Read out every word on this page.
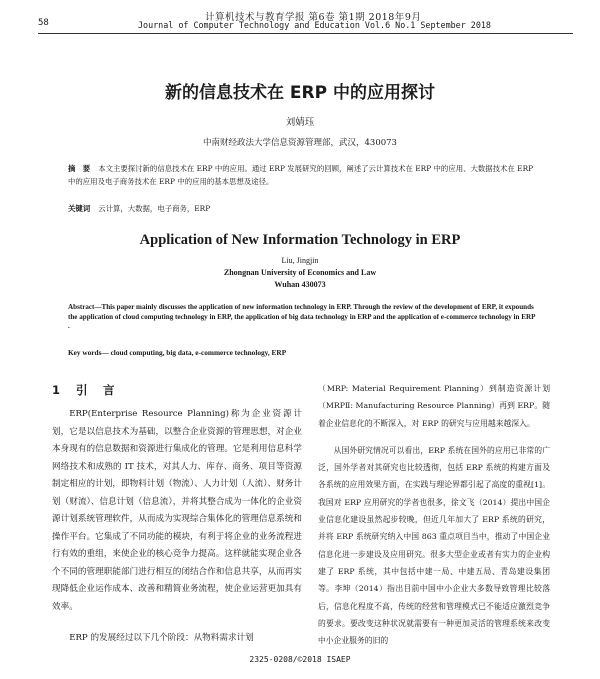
58	计算机技术与教育学报 第6卷 第1期 2018年9月
Journal of Computer Technology and Education Vol.6 No.1 September 2018
新的信息技术在 ERP 中的应用探讨
刘婧珏
中南财经政法大学信息资源管理部，武汉，430073
摘　要 本文主要探讨新的信息技术在 ERP 中的应用。通过 ERP 发展研究的回顾，阐述了云计算技术在 ERP 中的应用、大数据技术在 ERP 中的应用及电子商务技术在 ERP 中的应用的基本思想及途径。
关键词 云计算，大数据，电子商务，ERP
Application of New Information Technology in ERP
Liu, Jingjin
Zhongnan University of Economics and Law
Wuhan 430073
Abstract—This paper mainly discusses the application of new information technology in ERP. Through the review of the development of ERP, it expounds the application of cloud computing technology in ERP, the application of big data technology in ERP and the application of e-commerce technology in ERP .
Key words— cloud computing, big data, e-commerce technology, ERP
1 引　言

ERP(Enterprise Resource Planning)称为企业资源计划，它是以信息技术为基础，以整合企业资源的管理思想，对企业本身现有的信息数据和资源进行集成化的管理。它是利用信息科学网络技术和成熟的 IT 技术，对其人力、库存、商务、项目等资源制定相应的计划，即物料计划（物流）、人力计划（人流）、财务计划（财流）、信息计划（信息流），并将其整合成为一体化的企业资源计划系统管理软件，从而成为实现综合集体化的管理信息系统和操作平台。它集成了不同功能的模块，有利于将企业的业务流程进行有效的重组，来使企业的核心竞争力提高。这样就能实现企业各个不同的管理职能部门进行相互的闭结合作和信息共享，从而再实现降低企业运作成本、改善和精简业务流程，使企业运营更加具有效率。

ERP 的发展经过以下几个阶段：从物料需求计划

（MRP: Material Requirement Planning）到制造资源计划（MRPⅡ: Manufacturing Resource Planning）再到 ERP。随着企业信息化的不断深入，对 ERP 的研究与应用越来越深入。

从国外研究情况可以看出，ERP 系统在国外的应用已非常的广泛，国外学者对其研究也比较透彻，包括 ERP 系统的构建方面及各系统的应用效果方面，在实践与理论界都引起了高度的重视[1]。我国对 ERP 应用研究的学者也很多，徐文飞（2014）提出中国企业信息化建设虽然起步较晚，但近几年加大了 ERP 系统的研究，并将 ERP 系统研究纳入中国 863 重点项目当中，推动了中国企业信息化进一步建设及应用研究。很多大型企业或者有实力的企业构建了 ERP 系统，其中包括中建一局、中建五局、青岛建设集团等。李坤（2014）指出目前中国中小企业大多数导致管理比较落后，信息化程度不高，传统的经营和管理模式已不能适应激烈竞争的要求。要改变这种状况就需要有一种更加灵活的管理系统来改变中小企业服务的旧的

2325-0208/©2018 ISAEP
